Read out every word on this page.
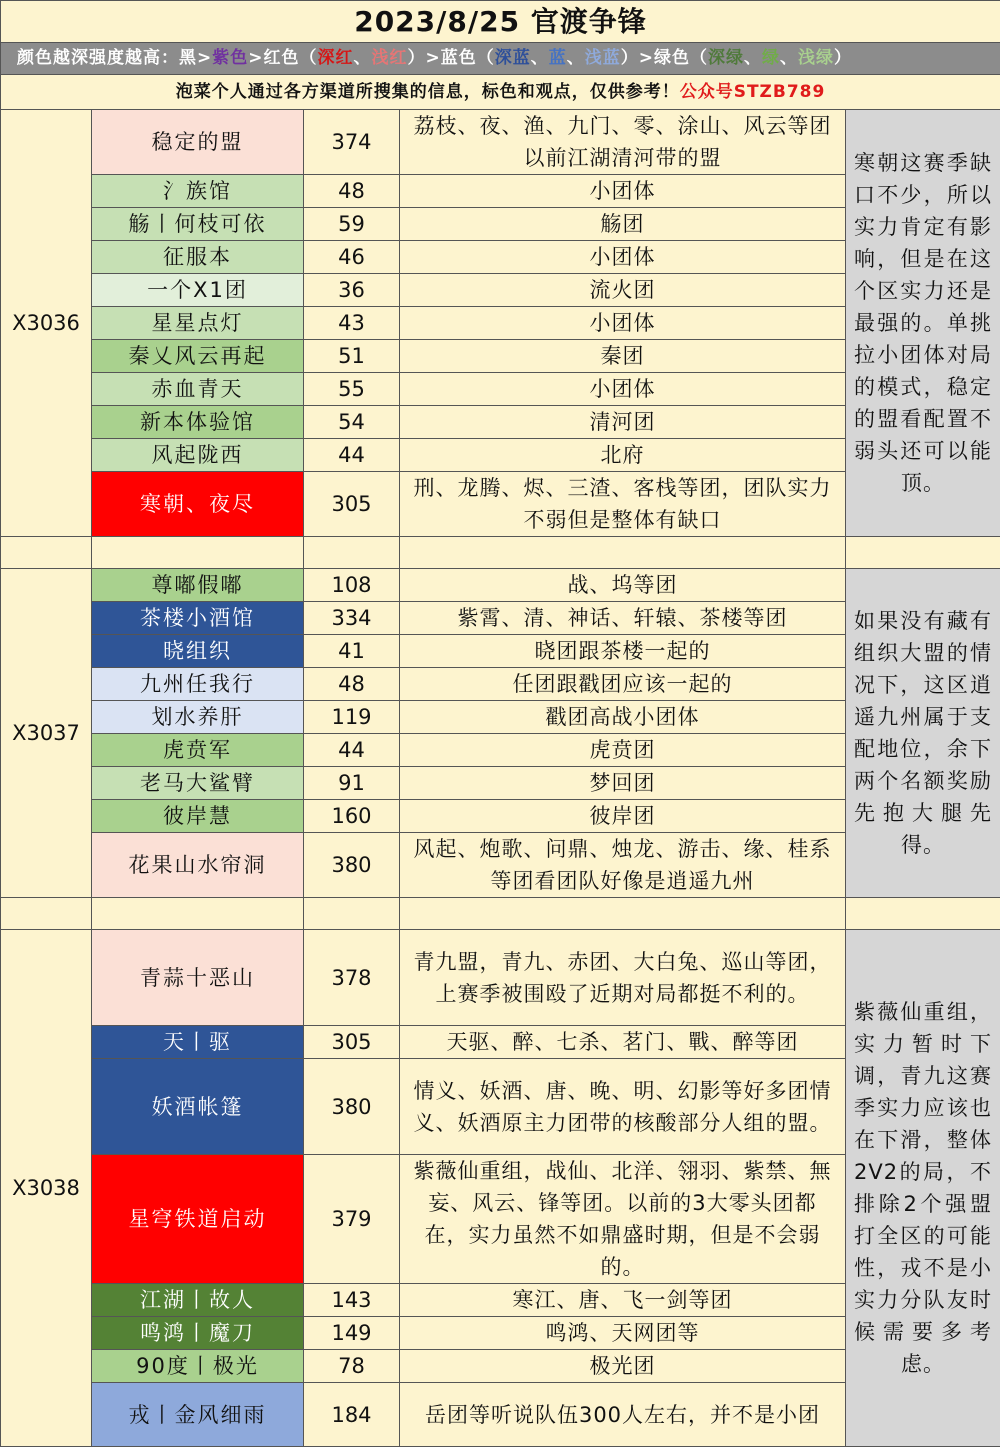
2023/8/25 官渡争锋				
颜色越深强度越高：黑>紫色>红色（深红、浅红）>蓝色（深蓝、蓝、浅蓝）>绿色（深绿、绿、浅绿）				
泡菜个人通过各方渠道所搜集的信息，标色和观点，仅供参考！公众号STZB789				
X3036	稳定的盟	374	荔枝、夜、渔、九门、零、涂山、风云等团以前江湖清河带的盟	寒朝这赛季缺口不少，所以实力肯定有影响，但是在这个区实力还是最强的。单挑拉小团体对局的模式，稳定的盟看配置不弱头还可以能顶。
	氵族馆	48	小团体	
	觞丨何枝可依	59	觞团	
	征服本	46	小团体	
	一个X1团	36	流火团	
	星星点灯	43	小团体	
	秦乂风云再起	51	秦团	
	赤血青天	55	小团体	
	新本体验馆	54	清河团	
	风起陇西	44	北府	
	寒朝、夜尽	305	刑、龙腾、烬、三渣、客栈等团，团队实力不弱但是整体有缺口	

X3037	尊嘟假嘟	108	战、坞等团	如果没有藏有组织大盟的情况下，这区逍遥九州属于支配地位，余下两个名额奖励先抱大腿先得。
	茶楼小酒馆	334	紫霄、清、神话、轩辕、茶楼等团	
	晓组织	41	晓团跟茶楼一起的	
	九州任我行	48	任团跟戳团应该一起的	
	划水养肝	119	戳团高战小团体	
	虎贲军	44	虎贲团	
	老马大鲨臂	91	梦回团	
	彼岸慧	160	彼岸团	
	花果山水帘洞	380	风起、炮歌、问鼎、烛龙、游击、缘、桂系等团看团队好像是逍遥九州	

X3038	青蒜十恶山	378	青九盟，青九、赤团、大白兔、巡山等团，上赛季被围殴了近期对局都挺不利的。	紫薇仙重组，实力暂时下调，青九这赛季实力应该也在下滑，整体2V2的局，不排除2个强盟打全区的可能性，戎不是小实力分队友时候需要多考虑。
	天丨驱	305	天驱、醉、七杀、茗门、戰、醉等团	
	妖酒帐篷	380	情义、妖酒、唐、晚、明、幻影等好多团情义、妖酒原主力团带的核酸部分人组的盟。	
	星穹铁道启动	379	紫薇仙重组，战仙、北洋、翎羽、紫禁、無妄、风云、锋等团。以前的3大零头团都在，实力虽然不如鼎盛时期，但是不会弱的。	
	江湖丨故人	143	寒江、唐、飞一剑等团	
	鸣鸿丨魔刀	149	鸣鸿、天网团等	
	90度丨极光	78	极光团	
	戎丨金风细雨	184	岳团等听说队伍300人左右，并不是小团	
